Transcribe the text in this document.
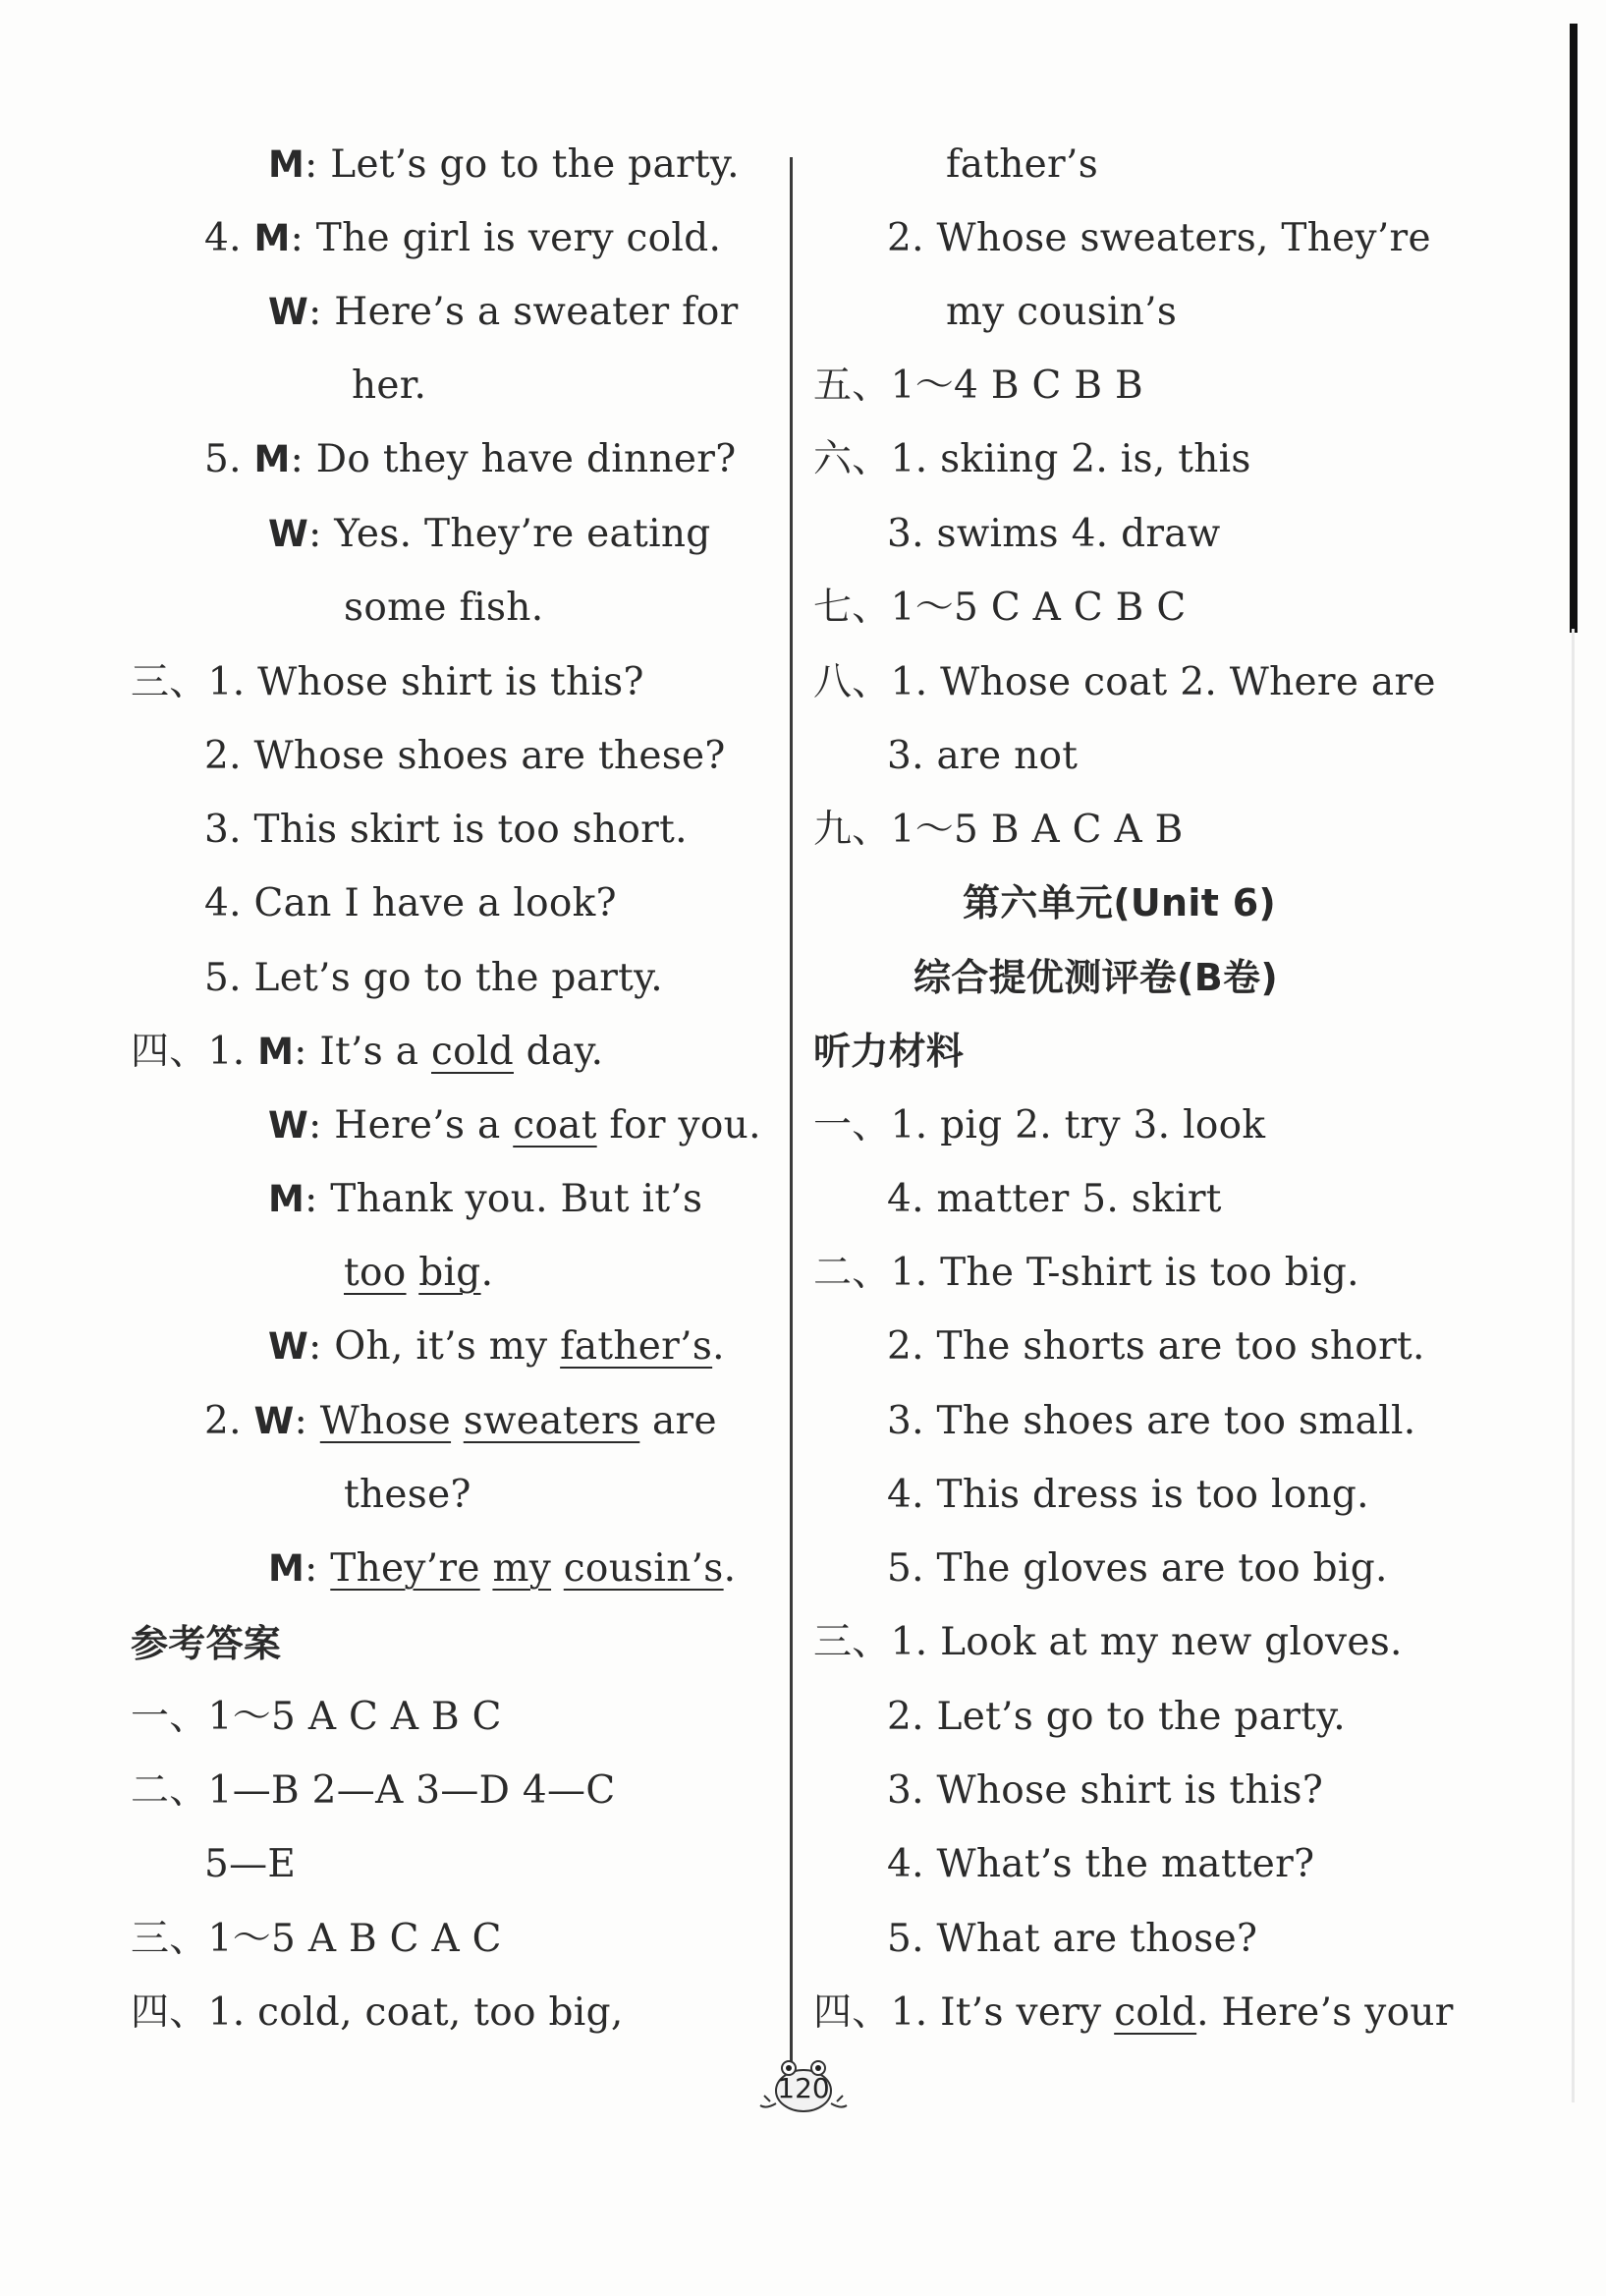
M: Let’s go to the party.
4. M: The girl is very cold.
W: Here’s a sweater for
her.
5. M: Do they have dinner?
W: Yes. They’re eating
some fish.
三、1. Whose shirt is this?
2. Whose shoes are these?
3. This skirt is too short.
4. Can I have a look?
5. Let’s go to the party.
四、1. M: It’s a cold day.
W: Here’s a coat for you.
M: Thank you. But it’s
too big.
W: Oh, it’s my father’s.
2. W: Whose sweaters are
these?
M: They’re my cousin’s.
参考答案
一、1～5 A C A B C
二、1—B 2—A 3—D 4—C
5—E
三、1～5 A B C A C
四、1. cold, coat, too big,
father’s
2. Whose sweaters, They’re
my cousin’s
五、1～4 B C B B
六、1. skiing 2. is, this
3. swims 4. draw
七、1～5 C A C B C
八、1. Whose coat 2. Where are
3. are not
九、1～5 B A C A B
第六单元(Unit 6)
综合提优测评卷(B卷)
听力材料
一、1. pig 2. try 3. look
4. matter 5. skirt
二、1. The T-shirt is too big.
2. The shorts are too short.
3. The shoes are too small.
4. This dress is too long.
5. The gloves are too big.
三、1. Look at my new gloves.
2. Let’s go to the party.
3. Whose shirt is this?
4. What’s the matter?
5. What are those?
四、1. It’s very cold. Here’s your
120
